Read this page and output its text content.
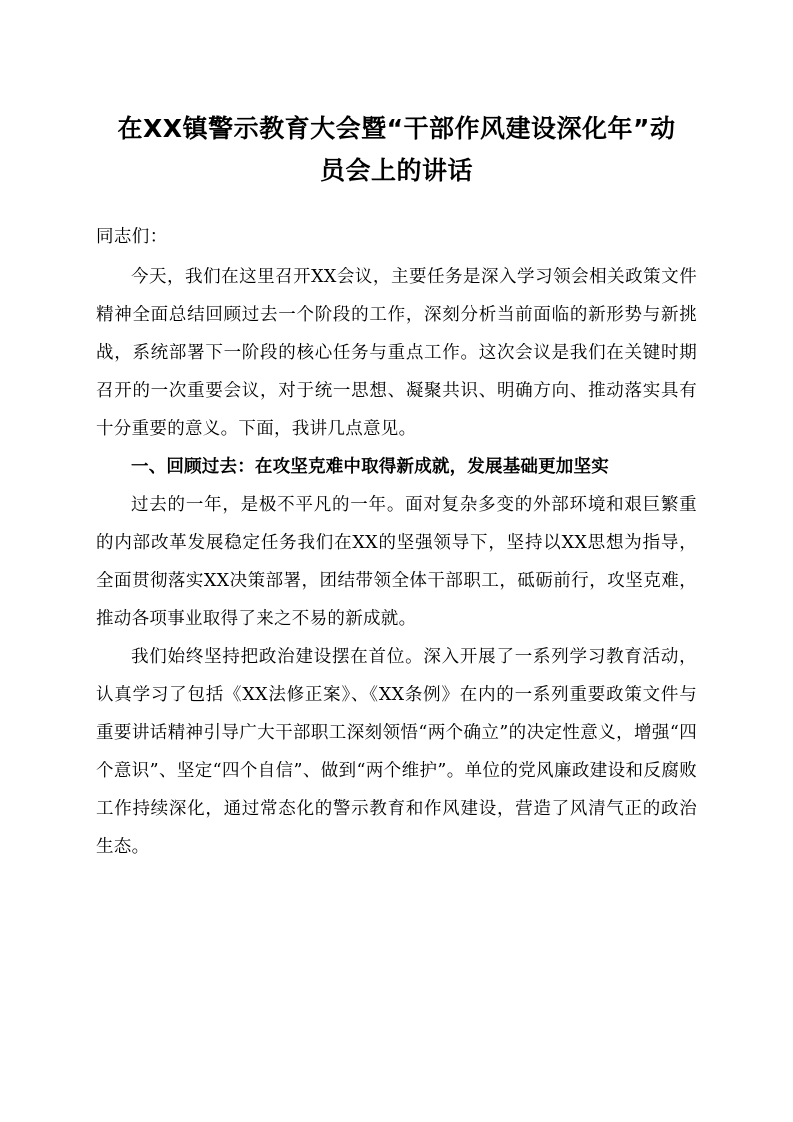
在XX镇警示教育大会暨“干部作风建设深化年”动员会上的讲话
同志们：

今天，我们在这里召开XX会议，主要任务是深入学习领会相关政策文件精神全面总结回顾过去一个阶段的工作，深刻分析当前面临的新形势与新挑战，系统部署下一阶段的核心任务与重点工作。这次会议是我们在关键时期召开的一次重要会议，对于统一思想、凝聚共识、明确方向、推动落实具有十分重要的意义。下面，我讲几点意见。

一、回顾过去：在攻坚克难中取得新成就，发展基础更加坚实

过去的一年，是极不平凡的一年。面对复杂多变的外部环境和艰巨繁重的内部改革发展稳定任务我们在XX的坚强领导下，坚持以XX思想为指导，全面贯彻落实XX决策部署，团结带领全体干部职工，砥砺前行，攻坚克难，推动各项事业取得了来之不易的新成就。

我们始终坚持把政治建设摆在首位。深入开展了一系列学习教育活动，认真学习了包括《XX法修正案》、《XX条例》在内的一系列重要政策文件与重要讲话精神引导广大干部职工深刻领悟“两个确立”的决定性意义，增强“四个意识”、坚定“四个自信”、做到“两个维护”。单位的党风廉政建设和反腐败工作持续深化，通过常态化的警示教育和作风建设，营造了风清气正的政治生态。
